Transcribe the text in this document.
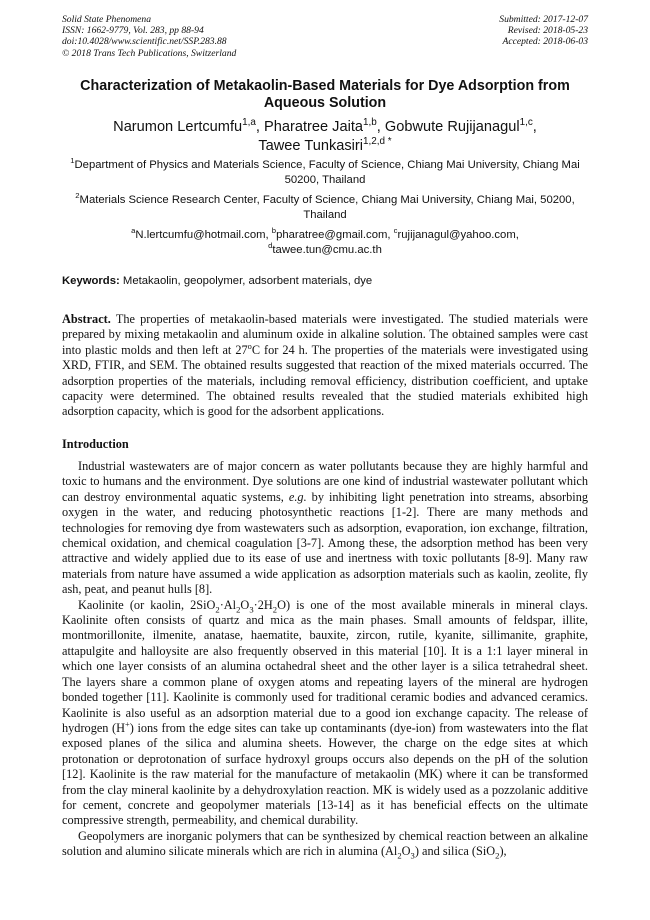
Solid State Phenomena
ISSN: 1662-9779, Vol. 283, pp 88-94
doi:10.4028/www.scientific.net/SSP.283.88
© 2018 Trans Tech Publications, Switzerland
Submitted: 2017-12-07
Revised: 2018-05-23
Accepted: 2018-06-03
Characterization of Metakaolin-Based Materials for Dye Adsorption from Aqueous Solution
Narumon Lertcumfu$^{1,a}$, Pharatree Jaita$^{1,b}$, Gobwute Rujijanagul$^{1,c}$,
Tawee Tunkasiri$^{1,2,d *}$
$^1$Department of Physics and Materials Science, Faculty of Science, Chiang Mai University, Chiang Mai 50200, Thailand
$^2$Materials Science Research Center, Faculty of Science, Chiang Mai University, Chiang Mai, 50200, Thailand
$^a$N.lertcumfu@hotmail.com, $^b$pharatree@gmail.com, $^c$rujijanagul@yahoo.com,
$^d$tawee.tun@cmu.ac.th
Keywords: Metakaolin, geopolymer, adsorbent materials, dye
Abstract. The properties of metakaolin-based materials were investigated. The studied materials were prepared by mixing metakaolin and aluminum oxide in alkaline solution. The obtained samples were cast into plastic molds and then left at 27$^o$C for 24 h. The properties of the materials were investigated using XRD, FTIR, and SEM. The obtained results suggested that reaction of the mixed materials occurred. The adsorption properties of the materials, including removal efficiency, distribution coefficient, and uptake capacity were determined. The obtained results revealed that the studied materials exhibited high adsorption capacity, which is good for the adsorbent applications.
Introduction

Industrial wastewaters are of major concern as water pollutants because they are highly harmful and toxic to humans and the environment. Dye solutions are one kind of industrial wastewater pollutant which can destroy environmental aquatic systems, e.g. by inhibiting light penetration into streams, absorbing oxygen in the water, and reducing photosynthetic reactions [1-2]. There are many methods and technologies for removing dye from wastewaters such as adsorption, evaporation, ion exchange, filtration, chemical oxidation, and chemical coagulation [3-7]. Among these, the adsorption method has been very attractive and widely applied due to its ease of use and inertness with toxic pollutants [8-9]. Many raw materials from nature have assumed a wide application as adsorption materials such as kaolin, zeolite, fly ash, peat, and peanut hulls [8].

Kaolinite (or kaolin, $2SiO_2\cdot Al_2O_3\cdot 2H_2O$) is one of the most available minerals in mineral clays. Kaolinite often consists of quartz and mica as the main phases. Small amounts of feldspar, illite, montmorillonite, ilmenite, anatase, haematite, bauxite, zircon, rutile, kyanite, sillimanite, graphite, attapulgite and halloysite are also frequently observed in this material [10]. It is a 1:1 layer mineral in which one layer consists of an alumina octahedral sheet and the other layer is a silica tetrahedral sheet. The layers share a common plane of oxygen atoms and repeating layers of the mineral are hydrogen bonded together [11]. Kaolinite is commonly used for traditional ceramic bodies and advanced ceramics. Kaolinite is also useful as an adsorption material due to a good ion exchange capacity. The release of hydrogen (H+) ions from the edge sites can take up contaminants (dye-ion) from wastewaters into the flat exposed planes of the silica and alumina sheets. However, the charge on the edge sites at which protonation or deprotonation of surface hydroxyl groups occurs also depends on the pH of the solution [12]. Kaolinite is the raw material for the manufacture of metakaolin (MK) where it can be transformed from the clay mineral kaolinite by a dehydroxylation reaction. MK is widely used as a pozzolanic additive for cement, concrete and geopolymer materials [13-14] as it has beneficial effects on the ultimate compressive strength, permeability, and chemical durability.

Geopolymers are inorganic polymers that can be synthesized by chemical reaction between an alkaline solution and alumino silicate minerals which are rich in alumina $(Al_2O_3)$ and silica (SiO$_2$),
